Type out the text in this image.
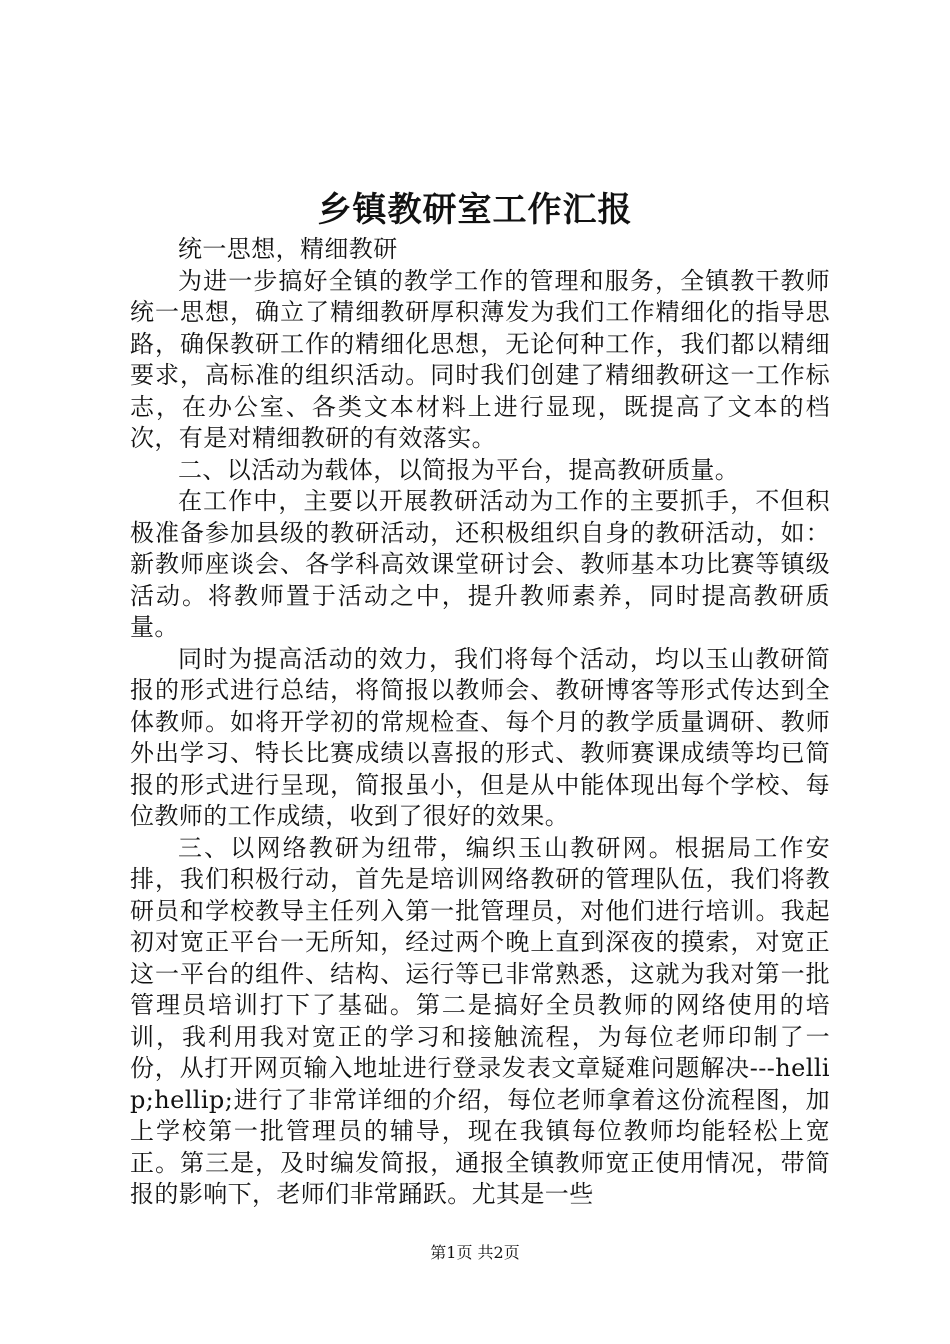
乡镇教研室工作汇报

统一思想，精细教研

为进一步搞好全镇的教学工作的管理和服务，全镇教干教师统一思想，确立了精细教研厚积薄发为我们工作精细化的指导思路，确保教研工作的精细化思想，无论何种工作，我们都以精细要求，高标准的组织活动。同时我们创建了精细教研这一工作标志，在办公室、各类文本材料上进行显现，既提高了文本的档次，有是对精细教研的有效落实。

二、以活动为载体，以简报为平台，提高教研质量。

在工作中，主要以开展教研活动为工作的主要抓手，不但积极准备参加县级的教研活动，还积极组织自身的教研活动，如：新教师座谈会、各学科高效课堂研讨会、教师基本功比赛等镇级活动。将教师置于活动之中，提升教师素养，同时提高教研质量。

同时为提高活动的效力，我们将每个活动，均以玉山教研简报的形式进行总结，将简报以教师会、教研博客等形式传达到全体教师。如将开学初的常规检查、每个月的教学质量调研、教师外出学习、特长比赛成绩以喜报的形式、教师赛课成绩等均已简报的形式进行呈现，简报虽小，但是从中能体现出每个学校、每位教师的工作成绩，收到了很好的效果。

三、以网络教研为纽带，编织玉山教研网。根据局工作安排，我们积极行动，首先是培训网络教研的管理队伍，我们将教研员和学校教导主任列入第一批管理员，对他们进行培训。我起初对宽正平台一无所知，经过两个晚上直到深夜的摸索，对宽正这一平台的组件、结构、运行等已非常熟悉，这就为我对第一批管理员培训打下了基础。第二是搞好全员教师的网络使用的培训，我利用我对宽正的学习和接触流程，为每位老师印制了一份，从打开网页输入地址进行登录发表文章疑难问题解决---hellip;hellip;进行了非常详细的介绍，每位老师拿着这份流程图，加上学校第一批管理员的辅导，现在我镇每位教师均能轻松上宽正。第三是，及时编发简报，通报全镇教师宽正使用情况，带简报的影响下，老师们非常踊跃。尤其是一些

第1页 共2页
